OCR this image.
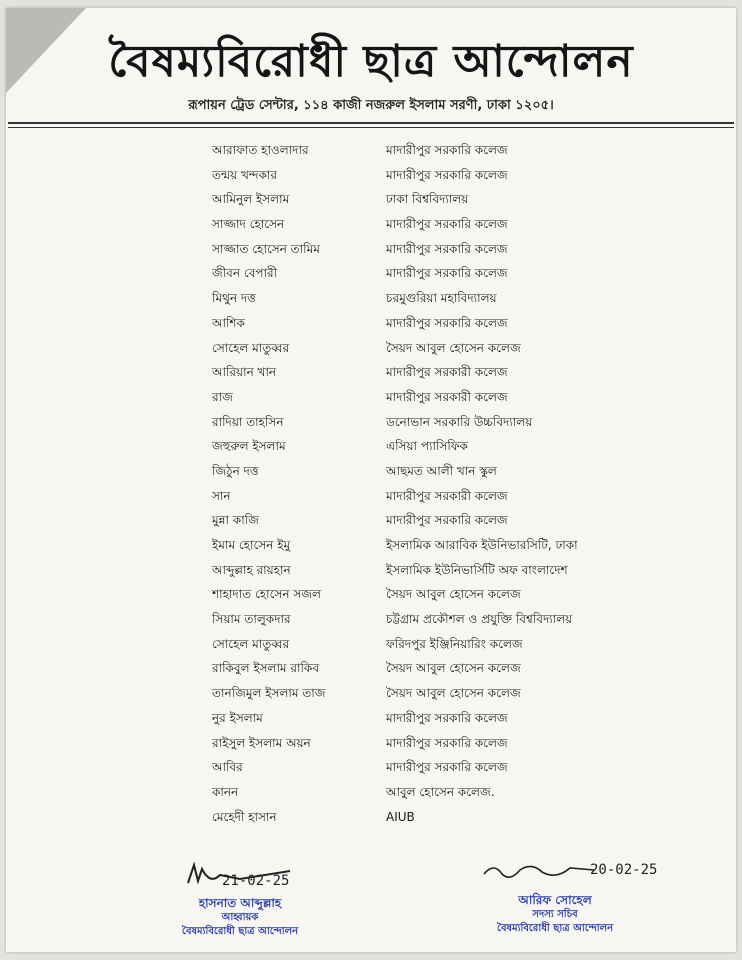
বৈষম্যবিরোধী ছাত্র আন্দোলন
রূপায়ন ট্রেড সেন্টার, ১১৪ কাজী নজরুল ইসলাম সরণী, ঢাকা ১২০৫।
আরাফাত হাওলাদার	মাদারীপুর সরকারি কলেজ
তন্ময় খন্দকার	মাদারীপুর সরকারি কলেজ
আমিনুল ইসলাম	ঢাকা বিশ্ববিদ্যালয়
সাজ্জাদ হোসেন	মাদারীপুর সরকারি কলেজ
সাজ্জাত হোসেন তামিম	মাদারীপুর সরকারি কলেজ
জীবন বেপারী	মাদারীপুর সরকারি কলেজ
মিথুন দত্ত	চরমুগুরিয়া মহাবিদ্যালয়
আশিক	মাদারীপুর সরকারি কলেজ
সোহেল মাতুব্বর	সৈয়দ আবুল হোসেন কলেজ
আরিয়ান খান	মাদারীপুর সরকারী কলেজ
রাজ	মাদারীপুর সরকারী কলেজ
রাদিয়া তাহসিন	ডনোভান সরকারি উচ্চবিদ্যালয়
জহুরুল ইসলাম	এসিয়া প্যাসিফিক
জিঠুন দত্ত	আছমত আলী খান স্কুল
সান	মাদারীপুর সরকারী কলেজ
মুন্না কাজি	মাদারীপুর সরকারি কলেজ
ইমাম হোসেন ইমু	ইসলামিক আরাবিক ইউনিভারসিটি, ঢাকা
আব্দুল্লাহ রায়হান	ইসলামিক ইউনিভার্সিটি অফ বাংলাদেশ
শাহাদাত হোসেন সজল	সৈয়দ আবুল হোসেন কলেজ
সিয়াম তালুকদার	চট্টগ্রাম প্রকৌশল ও প্রযুক্তি বিশ্ববিদ্যালয়
সোহেল মাতুব্বর	ফরিদপুর ইঞ্জিনিয়ারিং কলেজ
রাকিবুল ইসলাম রাকিব	সৈয়দ আবুল হোসেন কলেজ
তানজিমুল ইসলাম তাজ	সৈয়দ আবুল হোসেন কলেজ
নুর ইসলাম	মাদারীপুর সরকারি কলেজ
রাইসুল ইসলাম অয়ন	মাদারীপুর সরকারি কলেজ
আবির	মাদারীপুর সরকারি কলেজ
কানন	আবুল হোসেন কলেজ.
মেহেদী হাসান	AIUB
21-02-25
হাসনাত আব্দুল্লাহ
আহ্বায়ক
বৈষম্যবিরোধী ছাত্র আন্দোলন
20-02-25
আরিফ সোহেল
সদস্য সচিব
বৈষম্যবিরোধী ছাত্র আন্দোলন
